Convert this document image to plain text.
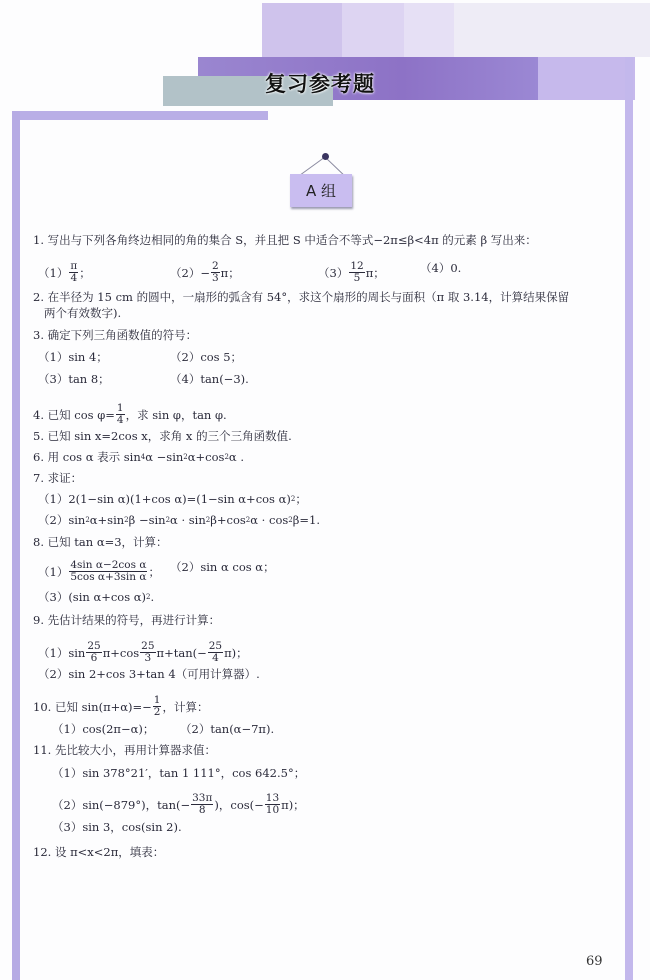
复习参考题
A 组
1. 写出与下列各角终边相同的角的集合 S，并且把 S 中适合不等式−2π≤β<4π 的元素 β 写出来：
$(1) \frac{\pi}{4}$ ；	$(2)- \frac{2}{3}$ π；	$(3) \frac{12}{5}$ π；	（4）0.
2. 在半径为 15 cm 的圆中，一扇形的弧含有 54°，求这个扇形的周长与面积（π 取 3.14，计算结果保留
两个有效数字).
3. 确定下列三角函数值的符号：
（1）sin 4；	（2）cos 5；
（3）tan 8；	（4）tan(−3).
4. 已知 $\cos \varphi= \frac{1}{4}$ ，求 sin φ，tan φ.
5. 已知 sin x=2cos x，求角 x 的三个三角函数值.
6. 用 cos α 表示 sin 4 α −sin 2 α+cos 2 α .
7. 求证：
（1）2(1−sin α)(1+cos α)=(1−sin α+cos α) 2 ；
（2）sin 2 α+sin 2 β −sin 2 α · sin 2 β+cos 2 α · cos 2 β=1.
8. 已知 tan α=3，计算：
$(1) \frac{\text{4sin α−2cos α}}{\text{5cos α+3sin α}}$ ； （2）sin α cos α；
（3）(sin α+cos α) 2 .
9. 先估计结果的符号，再进行计算：
$(1)\sin \frac{25}{6} \pi+\cos \frac{25}{3} \pi+\tan(- \frac{25}{4} \pi)$；
（2）sin 2+cos 3+tan 4（可用计算器）.
10. 已知 $\sin(\pi+\alpha)=- \frac{1}{2}$ ，计算：
（1）cos(2π−α)； （2）tan(α−7π).
11. 先比较大小，再用计算器求值：
（1）sin 378°21′，tan 1 111°，cos 642.5°；
（2）sin(−879°)，$\tan(- \frac{33\pi}{8}$ )，$\cos(- \frac{13}{10} \pi)$；
（3）sin 3，cos(sin 2).
12. 设 π<x<2π，填表：
69
